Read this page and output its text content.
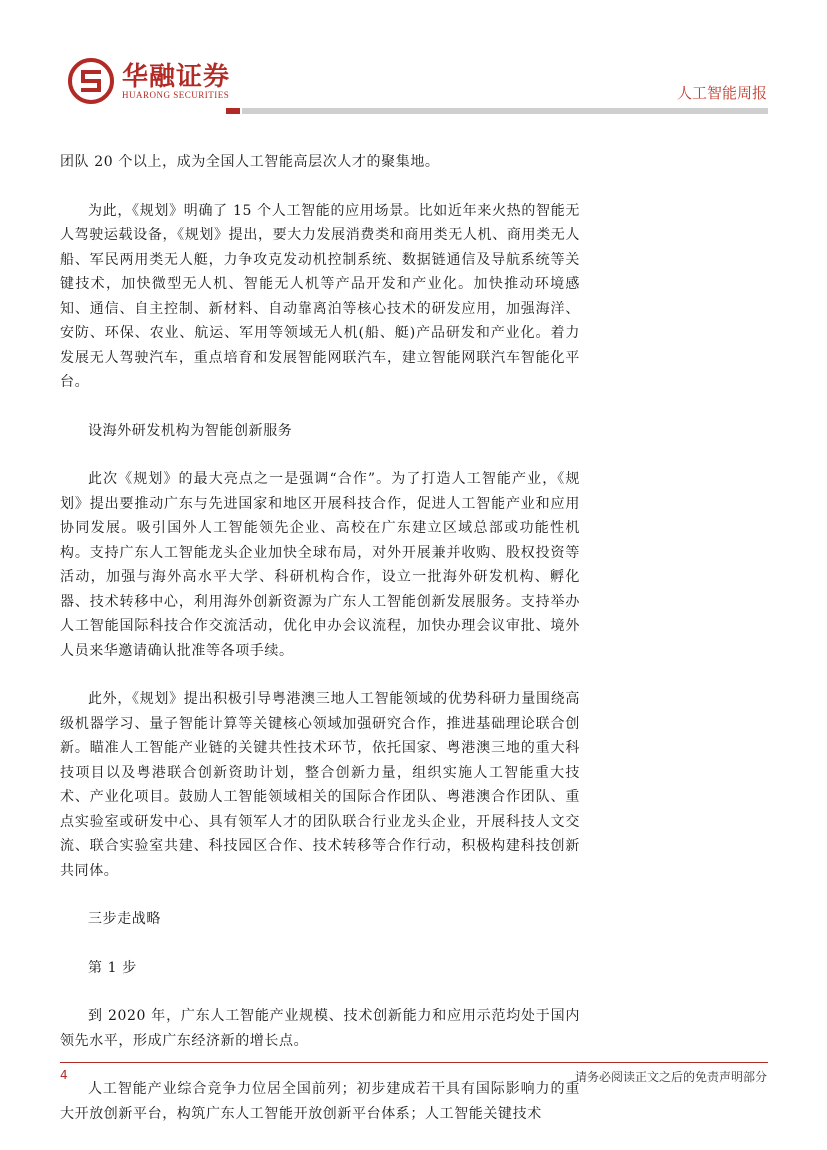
华融证券
HUARONG SECURITIES	人工智能周报

团队 20 个以上，成为全国人工智能高层次人才的聚集地。

为此，《规划》明确了 15 个人工智能的应用场景。比如近年来火热的智能无人驾驶运载设备，《规划》提出，要大力发展消费类和商用类无人机、商用类无人船、军民两用类无人艇，力争攻克发动机控制系统、数据链通信及导航系统等关键技术，加快微型无人机、智能无人机等产品开发和产业化。加快推动环境感知、通信、自主控制、新材料、自动靠离泊等核心技术的研发应用，加强海洋、安防、环保、农业、航运、军用等领域无人机(船、艇)产品研发和产业化。着力发展无人驾驶汽车，重点培育和发展智能网联汽车，建立智能网联汽车智能化平台。

设海外研发机构为智能创新服务

此次《规划》的最大亮点之一是强调“合作”。为了打造人工智能产业，《规划》提出要推动广东与先进国家和地区开展科技合作，促进人工智能产业和应用协同发展。吸引国外人工智能领先企业、高校在广东建立区域总部或功能性机构。支持广东人工智能龙头企业加快全球布局，对外开展兼并收购、股权投资等活动，加强与海外高水平大学、科研机构合作，设立一批海外研发机构、孵化器、技术转移中心，利用海外创新资源为广东人工智能创新发展服务。支持举办人工智能国际科技合作交流活动，优化申办会议流程，加快办理会议审批、境外人员来华邀请确认批准等各项手续。

此外，《规划》提出积极引导粤港澳三地人工智能领域的优势科研力量围绕高级机器学习、量子智能计算等关键核心领域加强研究合作，推进基础理论联合创新。瞄准人工智能产业链的关键共性技术环节，依托国家、粤港澳三地的重大科技项目以及粤港联合创新资助计划，整合创新力量，组织实施人工智能重大技术、产业化项目。鼓励人工智能领域相关的国际合作团队、粤港澳合作团队、重点实验室或研发中心、具有领军人才的团队联合行业龙头企业，开展科技人文交流、联合实验室共建、科技园区合作、技术转移等合作行动，积极构建科技创新共同体。

三步走战略

第 1 步

到 2020 年，广东人工智能产业规模、技术创新能力和应用示范均处于国内领先水平，形成广东经济新的增长点。

人工智能产业综合竞争力位居全国前列；初步建成若干具有国际影响力的重大开放创新平台，构筑广东人工智能开放创新平台体系；人工智能关键技术

4	请务必阅读正文之后的免责声明部分
